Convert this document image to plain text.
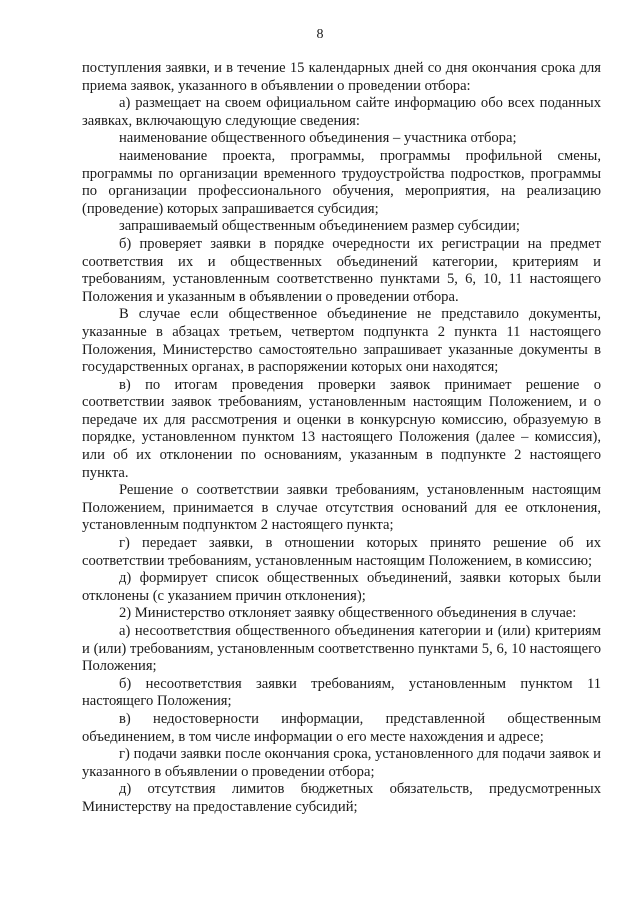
8

поступления заявки, и в течение 15 календарных дней со дня окончания срока для приема заявок, указанного в объявлении о проведении отбора:

а) размещает на своем официальном сайте информацию обо всех поданных заявках, включающую следующие сведения:

наименование общественного объединения – участника отбора;

наименование проекта, программы, программы профильной смены, программы по организации временного трудоустройства подростков, программы по организации профессионального обучения, мероприятия, на реализацию (проведение) которых запрашивается субсидия;

запрашиваемый общественным объединением размер субсидии;

б) проверяет заявки в порядке очередности их регистрации на предмет соответствия их и общественных объединений категории, критериям и требованиям, установленным соответственно пунктами 5, 6, 10, 11 настоящего Положения и указанным в объявлении о проведении отбора.

В случае если общественное объединение не представило документы, указанные в абзацах третьем, четвертом подпункта 2 пункта 11 настоящего Положения, Министерство самостоятельно запрашивает указанные документы в государственных органах, в распоряжении которых они находятся;

в) по итогам проведения проверки заявок принимает решение о соответствии заявок требованиям, установленным настоящим Положением, и о передаче их для рассмотрения и оценки в конкурсную комиссию, образуемую в порядке, установленном пунктом 13 настоящего Положения (далее – комиссия), или об их отклонении по основаниям, указанным в подпункте 2 настоящего пункта.

Решение о соответствии заявки требованиям, установленным настоящим Положением, принимается в случае отсутствия оснований для ее отклонения, установленным подпунктом 2 настоящего пункта;

г) передает заявки, в отношении которых принято решение об их соответствии требованиям, установленным настоящим Положением, в комиссию;

д) формирует список общественных объединений, заявки которых были отклонены (с указанием причин отклонения);

2) Министерство отклоняет заявку общественного объединения в случае:

а) несоответствия общественного объединения категории и (или) критериям и (или) требованиям, установленным соответственно пунктами 5, 6, 10 настоящего Положения;

б) несоответствия заявки требованиям, установленным пунктом 11 настоящего Положения;

в) недостоверности информации, представленной общественным объединением, в том числе информации о его месте нахождения и адресе;

г) подачи заявки после окончания срока, установленного для подачи заявок и указанного в объявлении о проведении отбора;

д) отсутствия лимитов бюджетных обязательств, предусмотренных Министерству на предоставление субсидий;
